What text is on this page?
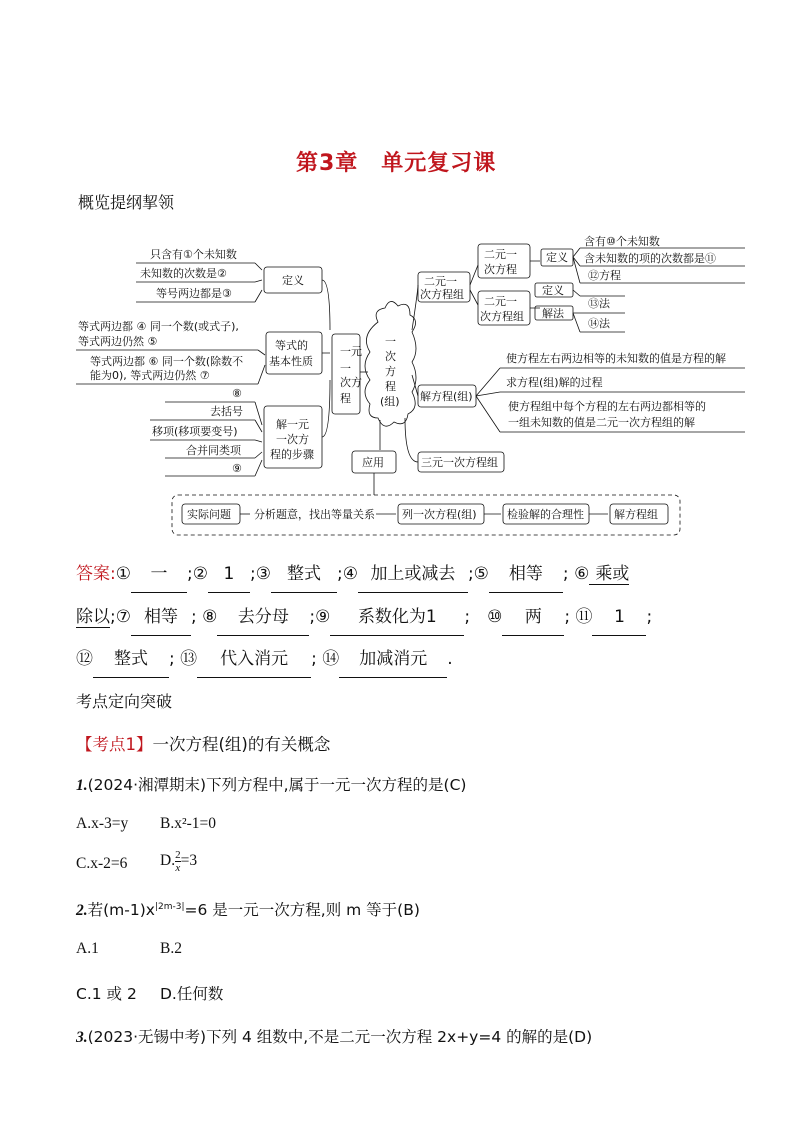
第3章　单元复习课
概览提纲挈领
只含有①个未知数
未知数的次数是②
等号两边都是③
定义
等式两边都 ④ 同一个数(或式子),
等式两边仍然 ⑤
等式两边都 ⑥ 同一个数(除数不
能为0), 等式两边仍然 ⑦
等式的
基本性质
⑧
去括号
移项(移项要变号)
合并同类项
⑨
解一元
一次方
程的步骤
一元
一
次方
程
一
次
方
程
(组)
二元一
次方程组
二元一
次方程
二元一
次方程组
定义
定义
解法
含有⑩个未知数
含未知数的项的次数都是⑪
⑫方程
⑬法
⑭法
解方程(组)
使方程左右两边相等的未知数的值是方程的解
求方程(组)解的过程
使方程组中每个方程的左右两边都相等的
一组未知数的值是二元一次方程组的解
三元一次方程组
应用
实际问题 分析题意，找出等量关系 列一次方程(组)	检验解的合理性	解方程组
答案:① 一 ;② 1 ;③ 整式 ;④ 加上或减去 ;⑤ 相等 ; ⑥ 乘或
除以;⑦ 相等 ; ⑧ 去分母 ;⑨ 系数化为1 ;　⑩ 两 ; ⑪ 1 ;
⑫ 整式 ; ⑬ 代入消元 ; ⑭ 加减消元 .
考点定向突破
【考点1】一次方程(组)的有关概念
1.(2024·湘潭期末)下列方程中,属于一元一次方程的是(C)
A.x-3=y B.x²-1=0
C.x-2=6 D. $\frac{2}{x} =3$
2.若$(m-1)x^{|2m-3|}=6$ 是一元一次方程,则 m 等于(B)
A.1	B.2
C.1 或 2 D.任何数
3.(2023·无锡中考)下列 4 组数中,不是二元一次方程 2x+y=4 的解的是(D)
